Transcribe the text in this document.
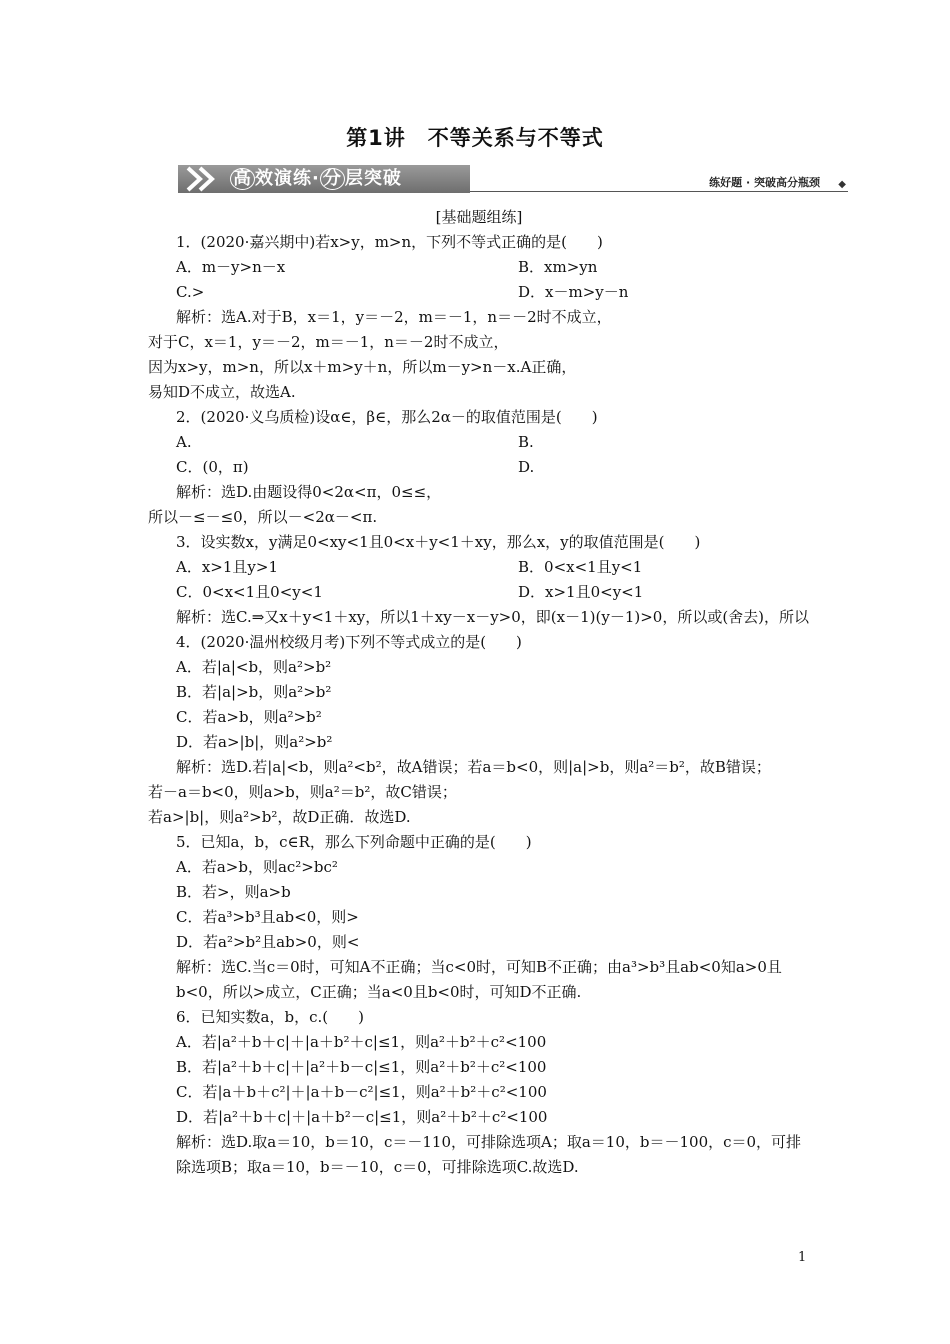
第1讲　不等关系与不等式
高 效演练· 分 层突破	练好题 · 突破高分瓶颈 ◆
[基础题组练]
1．(2020·嘉兴期中)若x>y，m>n，下列不等式正确的是(　　)
A．m－y>n－x	B．xm>yn
C.>	D．x－m>y－n
解析：选A.对于B，x＝1，y＝－2，m＝－1，n＝－2时不成立，
对于C，x＝1，y＝－2，m＝－1，n＝－2时不成立，
因为x>y，m>n，所以x＋m>y＋n，所以m－y>n－x.A正确，
易知D不成立，故选A.
2．(2020·义乌质检)设α∈，β∈，那么2α－的取值范围是(　　)
A.	B.
C．(0，π)	D.
解析：选D.由题设得0<2α<π，0≤≤，
所以－≤－≤0，所以－<2α－<π.
3．设实数x，y满足0<xy<1且0<x＋y<1＋xy，那么x，y的取值范围是(　　)
A．x>1且y>1	B．0<x<1且y<1
C．0<x<1且0<y<1	D．x>1且0<y<1
解析：选C.⇒又x＋y<1＋xy，所以1＋xy－x－y>0，即(x－1)(y－1)>0，所以或(舍去)，所以
4．(2020·温州校级月考)下列不等式成立的是(　　)
A．若|a|<b，则a²>b²
B．若|a|>b，则a²>b²
C．若a>b，则a²>b²
D．若a>|b|，则a²>b²
解析：选D.若|a|<b，则a²<b²，故A错误；若a＝b<0，则|a|>b，则a²＝b²，故B错误；
若－a＝b<0，则a>b，则a²＝b²，故C错误；
若a>|b|，则a²>b²，故D正确．故选D.
5．已知a，b，c∈R，那么下列命题中正确的是(　　)
A．若a>b，则ac²>bc²
B．若>，则a>b
C．若a³>b³且ab<0，则>
D．若a²>b²且ab>0，则<
解析：选C.当c＝0时，可知A不正确；当c<0时，可知B不正确；由a³>b³且ab<0知a>0且b<0，所以>成立，C正确；当a<0且b<0时，可知D不正确.
6．已知实数a，b，c.(　　)
A．若|a²＋b＋c|＋|a＋b²＋c|≤1，则a²＋b²＋c²<100
B．若|a²＋b＋c|＋|a²＋b－c|≤1，则a²＋b²＋c²<100
C．若|a＋b＋c²|＋|a＋b－c²|≤1，则a²＋b²＋c²<100
D．若|a²＋b＋c|＋|a＋b²－c|≤1，则a²＋b²＋c²<100
解析：选D.取a＝10，b＝10，c＝－110，可排除选项A；取a＝10，b＝－100，c＝0，可排除选项B；取a＝10，b＝－10，c＝0，可排除选项C.故选D.
1
